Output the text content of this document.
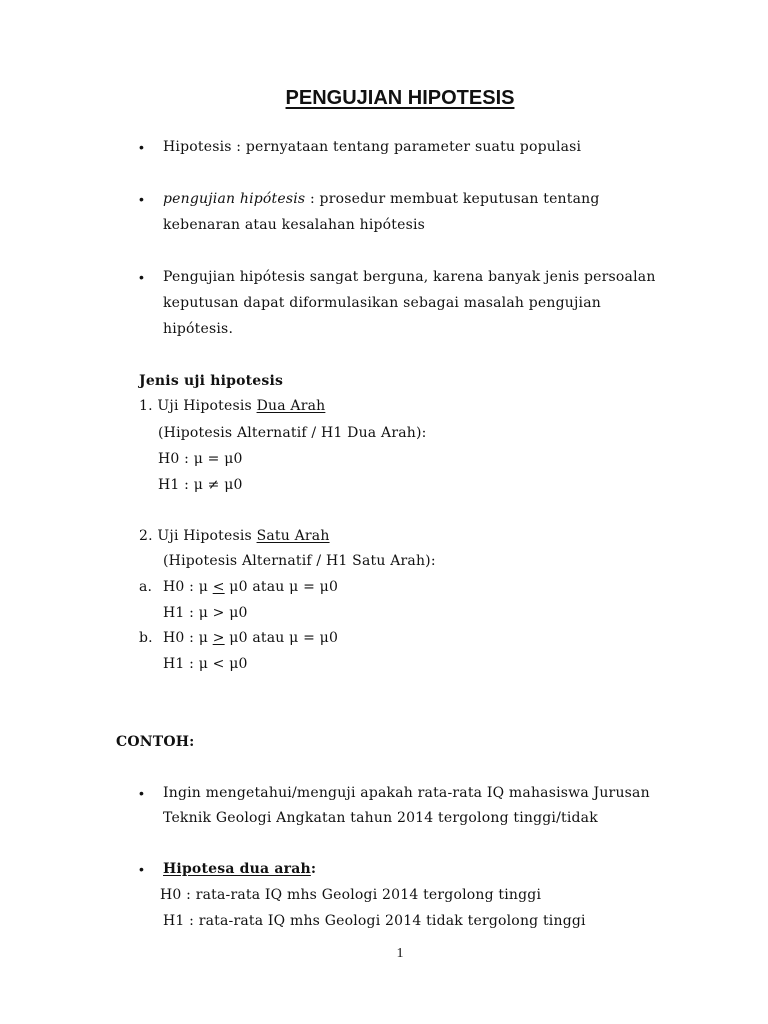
PENGUJIAN HIPOTESIS
• Hipotesis : pernyataan tentang parameter suatu populasi
• pengujian hipótesis : prosedur membuat keputusan tentang
kebenaran atau kesalahan hipótesis
• Pengujian hipótesis sangat berguna, karena banyak jenis persoalan
keputusan dapat diformulasikan sebagai masalah pengujian
hipótesis.
Jenis uji hipotesis
1. Uji Hipotesis Dua Arah
(Hipotesis Alternatif / H1 Dua Arah):
H0 : μ = μ0
H1 : μ ≠ μ0
2. Uji Hipotesis Satu Arah
(Hipotesis Alternatif / H1 Satu Arah):
a. H0 : μ < μ0 atau μ = μ0
H1 : μ > μ0
b. H0 : μ > μ0 atau μ = μ0
H1 : μ < μ0
CONTOH:
• Ingin mengetahui/menguji apakah rata-rata IQ mahasiswa Jurusan
Teknik Geologi Angkatan tahun 2014 tergolong tinggi/tidak
• Hipotesa dua arah:
H0 : rata-rata IQ mhs Geologi 2014 tergolong tinggi
H1 : rata-rata IQ mhs Geologi 2014 tidak tergolong tinggi
1
